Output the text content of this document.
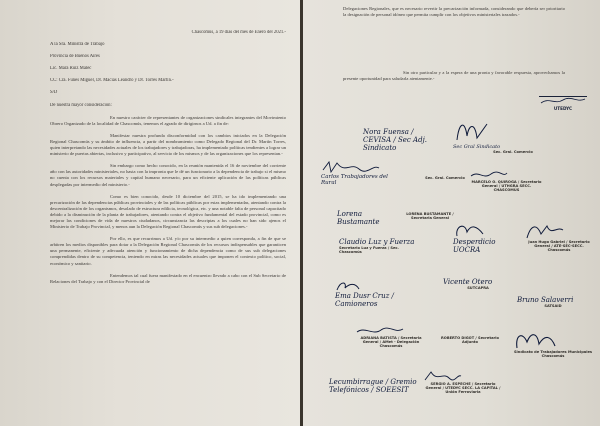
Chascomús, a 19 días del mes de Enero del 2021.-
A la Sra. Ministra de Trabajo
Provincia de Buenos Aires
Lic. Mara Ruiz Malec
CC: Cra. Funes Miguel, Dr. Macias Leandro y Dr. Torres Martín.-
S/D
De nuestra mayor consideración:

En nuestro carácter de representantes de organizaciones sindicales integrantes del Movimiento Obrero Organizado de la localidad de Chascomús, tenemos el agrado de dirigirnos a Ud. a fin de:

Manifestar nuestra profunda disconformidad con los cambios iniciados en la Delegación Regional Chascomús y su ámbito de influencia, a partir del nombramiento como Delegado Regional del Dr. Martín Torres, quien interpretando las necesidades actuales de los trabajadores y trabajadoras, ha implementado políticas tendientes a lograr un ministerio de puertas abiertas, inclusivo y participativo, al servicio de los mismos y de las organizaciones que los representan.-

Sin embargo como hecho conocido, en la reunión mantenida el 16 de noviembre del corriente año con las autoridades ministeriales, no hasta con la impronta que le dé un funcionario a la dependencia de trabajo si el mismo no cuenta con los recursos materiales y capital humano necesario, para un eficiente aplicación de las políticas públicas desplegadas por intermedio del ministerio.-

Como es bien conocido, desde 10 diciembre del 2015, se ha ido implementando una precarización de las dependencias públicas provinciales y de las políticas públicas por estas implementadas, atentando contra la descentralización de los organismos, desolado de estructura edilicia, tecnológica, etc. y una notable falta de personal capacitado debido a la disminución de la planta de trabajadores, atentando contra el objetivo fundamental del estado provincial, como es mejorar las condiciones de vida de nuestros ciudadanos, circunstancia las descriptas a los cuales no han sido ajenos el Ministerio de Trabajo Provincial, y menos aun la Delegación Regional Chascomús y sus sub delegaciones.-

Por ello, es que recurrimos a Ud. y/o por su intermedio a quien corresponda, a fin de que se arbitren los medios disponibles para dotar a la Delegación Regional Chascomús de los recursos indispensables que garanticen una permanente, eficiente y adecuada atención y funcionamiento de dicha dependencia como de sus sub delegaciones comprendidas dentro de su competencia, teniendo en miras las necesidades actuales que imponen el contexto político, social, económico y sanitario.

Entendemos tal cual fuera manifestado en el encuentro llevado a cabo con el Sub Secretario de Relaciones del Trabajo y con el Director Provincial de

Delegaciones Regionales, que es necesario revertir la precarización informada, considerando que debería ser prioritario la designación de personal idóneo que permita cumplir con los objetivos ministeriales trazados.-

Sin otro particular y a la espera de una pronta y favorable respuesta, aprovechamos la presente oportunidad para saludarla atentamente.-

UTEDYC
Nora Fuensa / CEVISA / Sec Adj. Sindicato	Sec Gral Sindicato
Sec. Gral. Comercio
Carlos Trabajadores del Rural
Sec. Gral. Comercio
MARCELO O. QUIROGA / Secretario General / UTHGRA SECC. CHASCOMÚS
Lorena Bustamante
LORENA BUSTAMANTE / Secretaria General
Claudio Luz y Fuerza
Secretario Luz y Fuerza / Sec. Chascomús
Desperdicio UOCRA
Juan Hugo Gabriel / Secretario General / ATE-SEC-SECC. Chascomús
Ema Dusr Cruz / Camioneros
Vicente Otero
SUTCAPRA
Bruno Salaverri
SATSAID
ADRIANA BATISTA / Secretaria General / AMet - Delegación Chascomús
ROBERTO DIGOT / Secretario Adjunto
Sindicato de Trabajadores Municipales Chascomús
Lecumbirrague / Gremio Telefónicos / SOEESIT
SERGIO A. ESPECHE / Secretario General / UTEDYC SECC. LA CAPITAL / Unión Ferroviaria
